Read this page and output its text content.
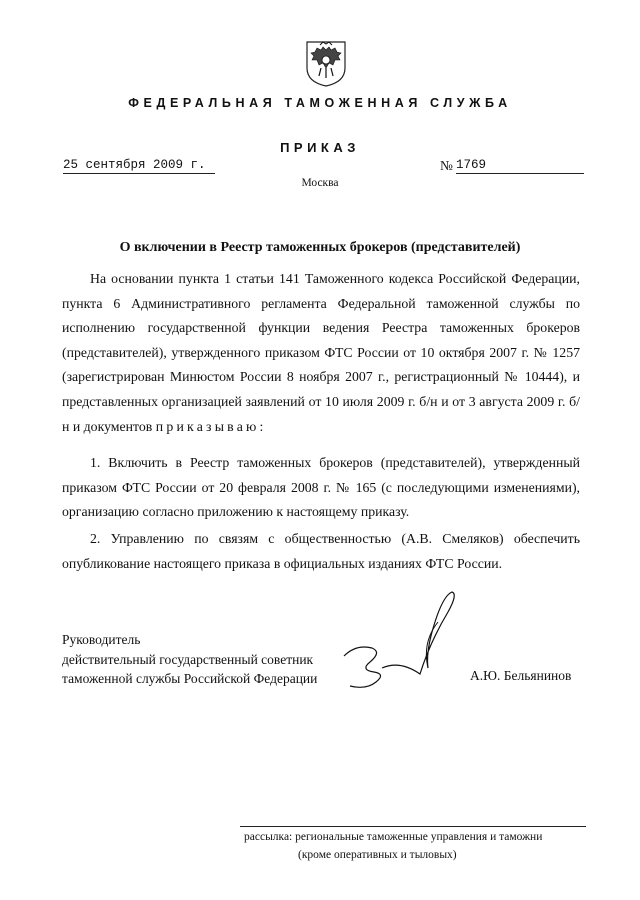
ФЕДЕРАЛЬНАЯ ТАМОЖЕННАЯ СЛУЖБА
ПРИКАЗ
25 сентября 2009 г.	№ 1769
Москва
О включении в Реестр таможенных брокеров (представителей)

На основании пункта 1 статьи 141 Таможенного кодекса Российской Федерации, пункта 6 Административного регламента Федеральной таможенной службы по исполнению государственной функции ведения Реестра таможенных брокеров (представителей), утвержденного приказом ФТС России от 10 октября 2007 г. № 1257 (зарегистрирован Минюстом России 8 ноября 2007 г., регистрационный № 10444), и представленных организацией заявлений от 10 июля 2009 г. б/н и от 3 августа 2009 г. б/н и документов приказываю:

1. Включить в Реестр таможенных брокеров (представителей), утвержденный приказом ФТС России от 20 февраля 2008 г. № 165 (с последующими изменениями), организацию согласно приложению к настоящему приказу.

2. Управлению по связям с общественностью (А.В. Смеляков) обеспечить опубликование настоящего приказа в официальных изданиях ФТС России.

Руководитель
действительный государственный советник
таможенной службы Российской Федерации	А.Ю. Бельянинов
рассылка: региональные таможенные управления и таможни
(кроме оперативных и тыловых)
